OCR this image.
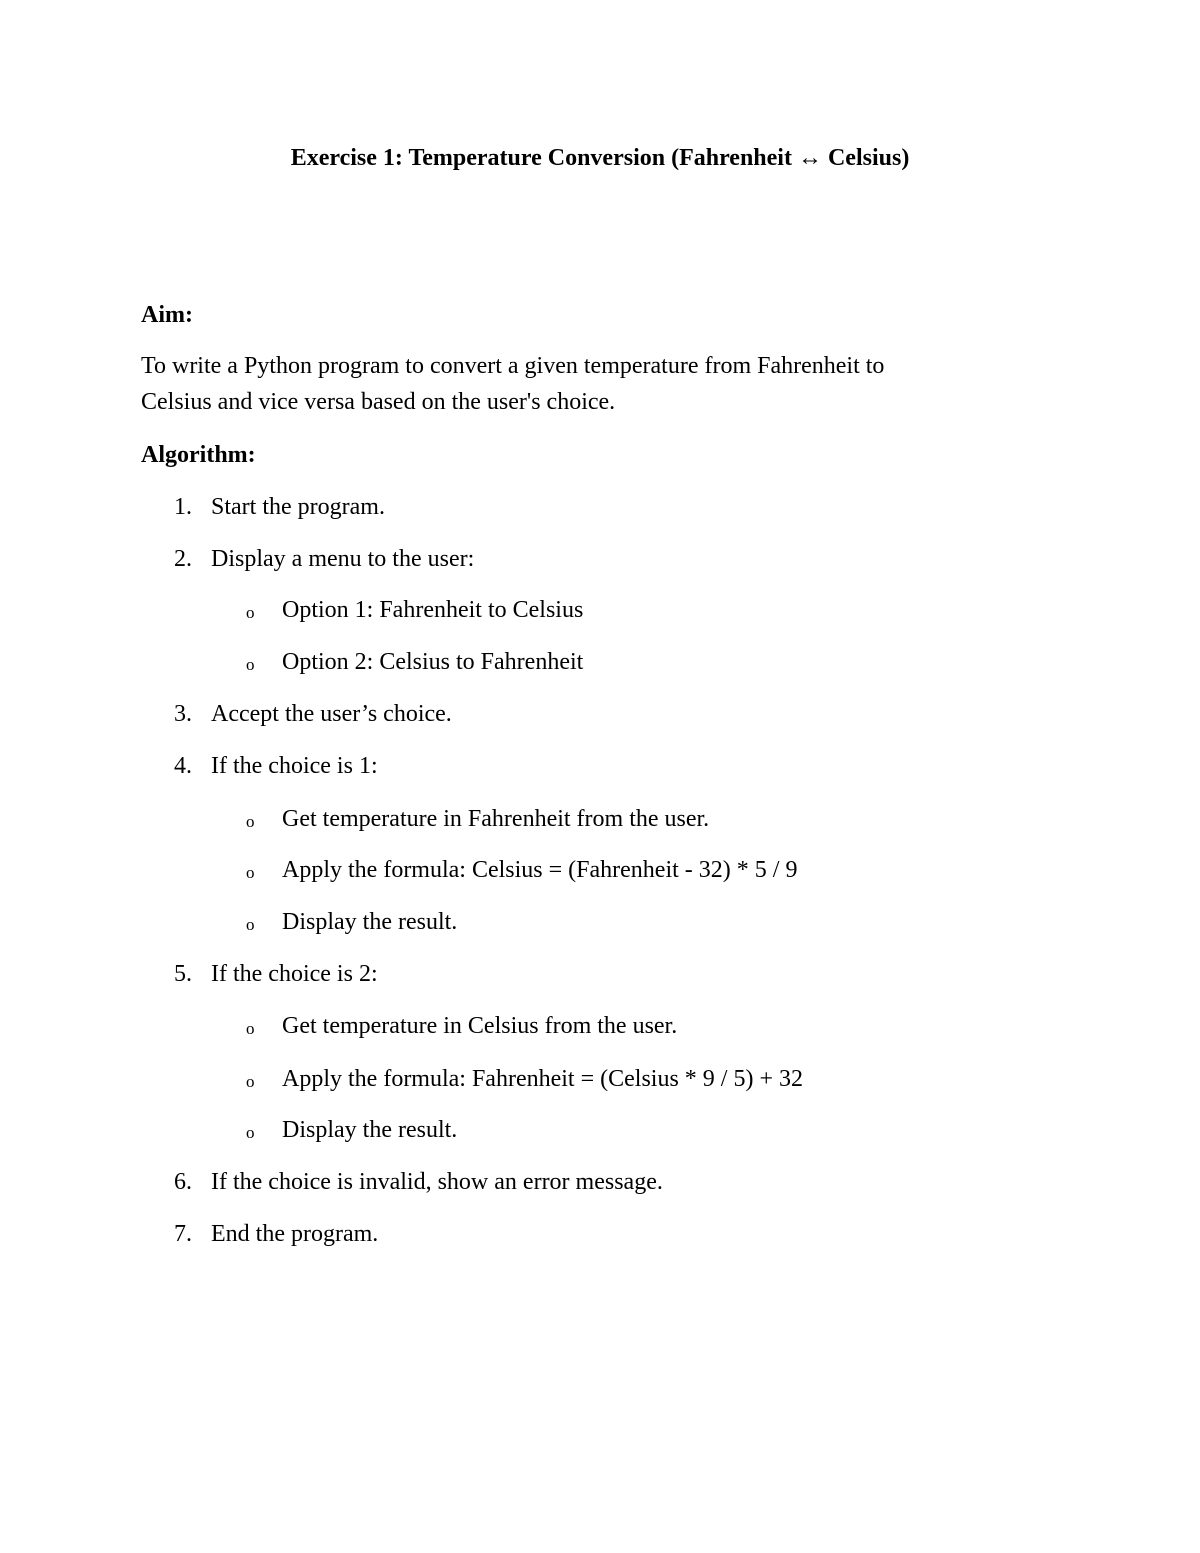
Exercise 1: Temperature Conversion (Fahrenheit ↔ Celsius)
Aim:
To write a Python program to convert a given temperature from Fahrenheit to
Celsius and vice versa based on the user's choice.
Algorithm:
1. Start the program.
2. Display a menu to the user:
o Option 1: Fahrenheit to Celsius
o Option 2: Celsius to Fahrenheit
3. Accept the user’s choice.
4. If the choice is 1:
o Get temperature in Fahrenheit from the user.
o Apply the formula: Celsius = (Fahrenheit - 32) * 5 / 9
o Display the result.
5. If the choice is 2:
o Get temperature in Celsius from the user.
o Apply the formula: Fahrenheit = (Celsius * 9 / 5) + 32
o Display the result.
6. If the choice is invalid, show an error message.
7. End the program.
